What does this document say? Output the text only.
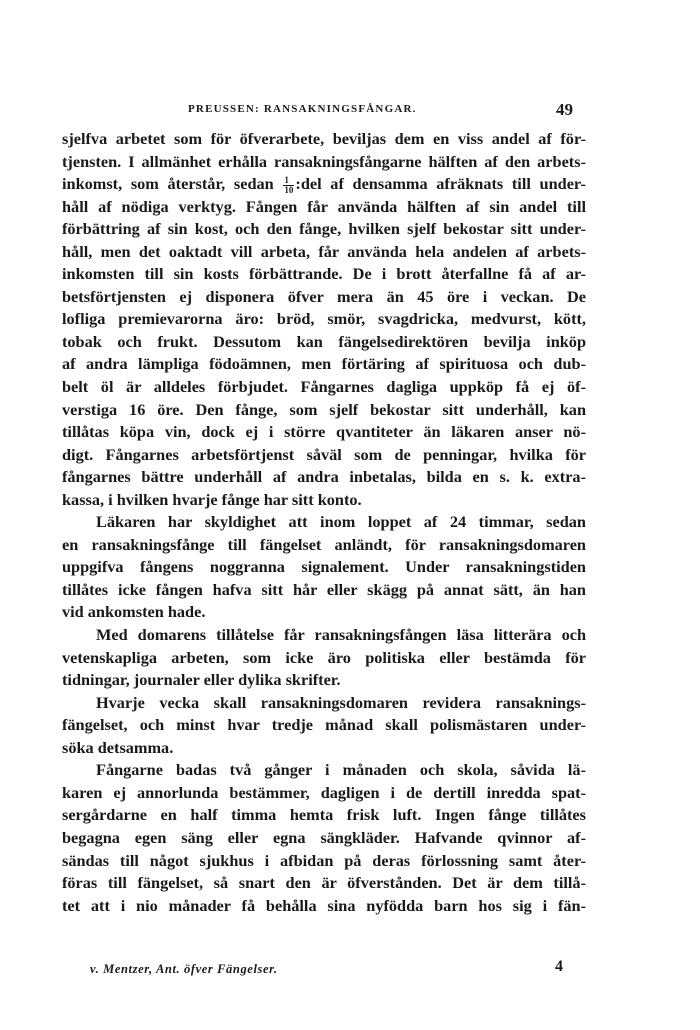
PREUSSEN: RANSAKNINGSFÅNGAR.	49
sjelfva arbetet som för öfverarbete, beviljas dem en viss andel af för-
tjensten. I allmänhet erhålla ransakningsfångarne hälften af den arbets-
inkomst, som återstår, sedan $\frac{1}{10}$ :del af densamma afräknats till under-
håll af nödiga verktyg. Fången får använda hälften af sin andel till
förbättring af sin kost, och den fånge, hvilken sjelf bekostar sitt under-
håll, men det oaktadt vill arbeta, får använda hela andelen af arbets-
inkomsten till sin kosts förbättrande. De i brott återfallne få af ar-
betsförtjensten ej disponera öfver mera än 45 öre i veckan. De
lofliga premievarorna äro: bröd, smör, svagdricka, medvurst, kött,
tobak och frukt. Dessutom kan fängelsedirektören bevilja inköp
af andra lämpliga födoämnen, men förtäring af spirituosa och dub-
belt öl är alldeles förbjudet. Fångarnes dagliga uppköp få ej öf-
verstiga 16 öre. Den fånge, som sjelf bekostar sitt underhåll, kan
tillåtas köpa vin, dock ej i större qvantiteter än läkaren anser nö-
digt. Fångarnes arbetsförtjenst såväl som de penningar, hvilka för
fångarnes bättre underhåll af andra inbetalas, bilda en s. k. extra-
kassa, i hvilken hvarje fånge har sitt konto.
Läkaren har skyldighet att inom loppet af 24 timmar, sedan
en ransakningsfånge till fängelset anländt, för ransakningsdomaren
uppgifva fångens noggranna signalement. Under ransakningstiden
tillåtes icke fången hafva sitt hår eller skägg på annat sätt, än han
vid ankomsten hade.
Med domarens tillåtelse får ransakningsfången läsa litterära och
vetenskapliga arbeten, som icke äro politiska eller bestämda för
tidningar, journaler eller dylika skrifter.
Hvarje vecka skall ransakningsdomaren revidera ransaknings-
fängelset, och minst hvar tredje månad skall polismästaren under-
söka detsamma.
Fångarne badas två gånger i månaden och skola, såvida lä-
karen ej annorlunda bestämmer, dagligen i de dertill inredda spat-
sergårdarne en half timma hemta frisk luft. Ingen fånge tillåtes
begagna egen säng eller egna sängkläder. Hafvande qvinnor af-
sändas till något sjukhus i afbidan på deras förlossning samt åter-
föras till fängelset, så snart den är öfverstånden. Det är dem tillå-
tet att i nio månader få behålla sina nyfödda barn hos sig i fän-
v. Mentzer, Ant. öfver Fängelser.	4
